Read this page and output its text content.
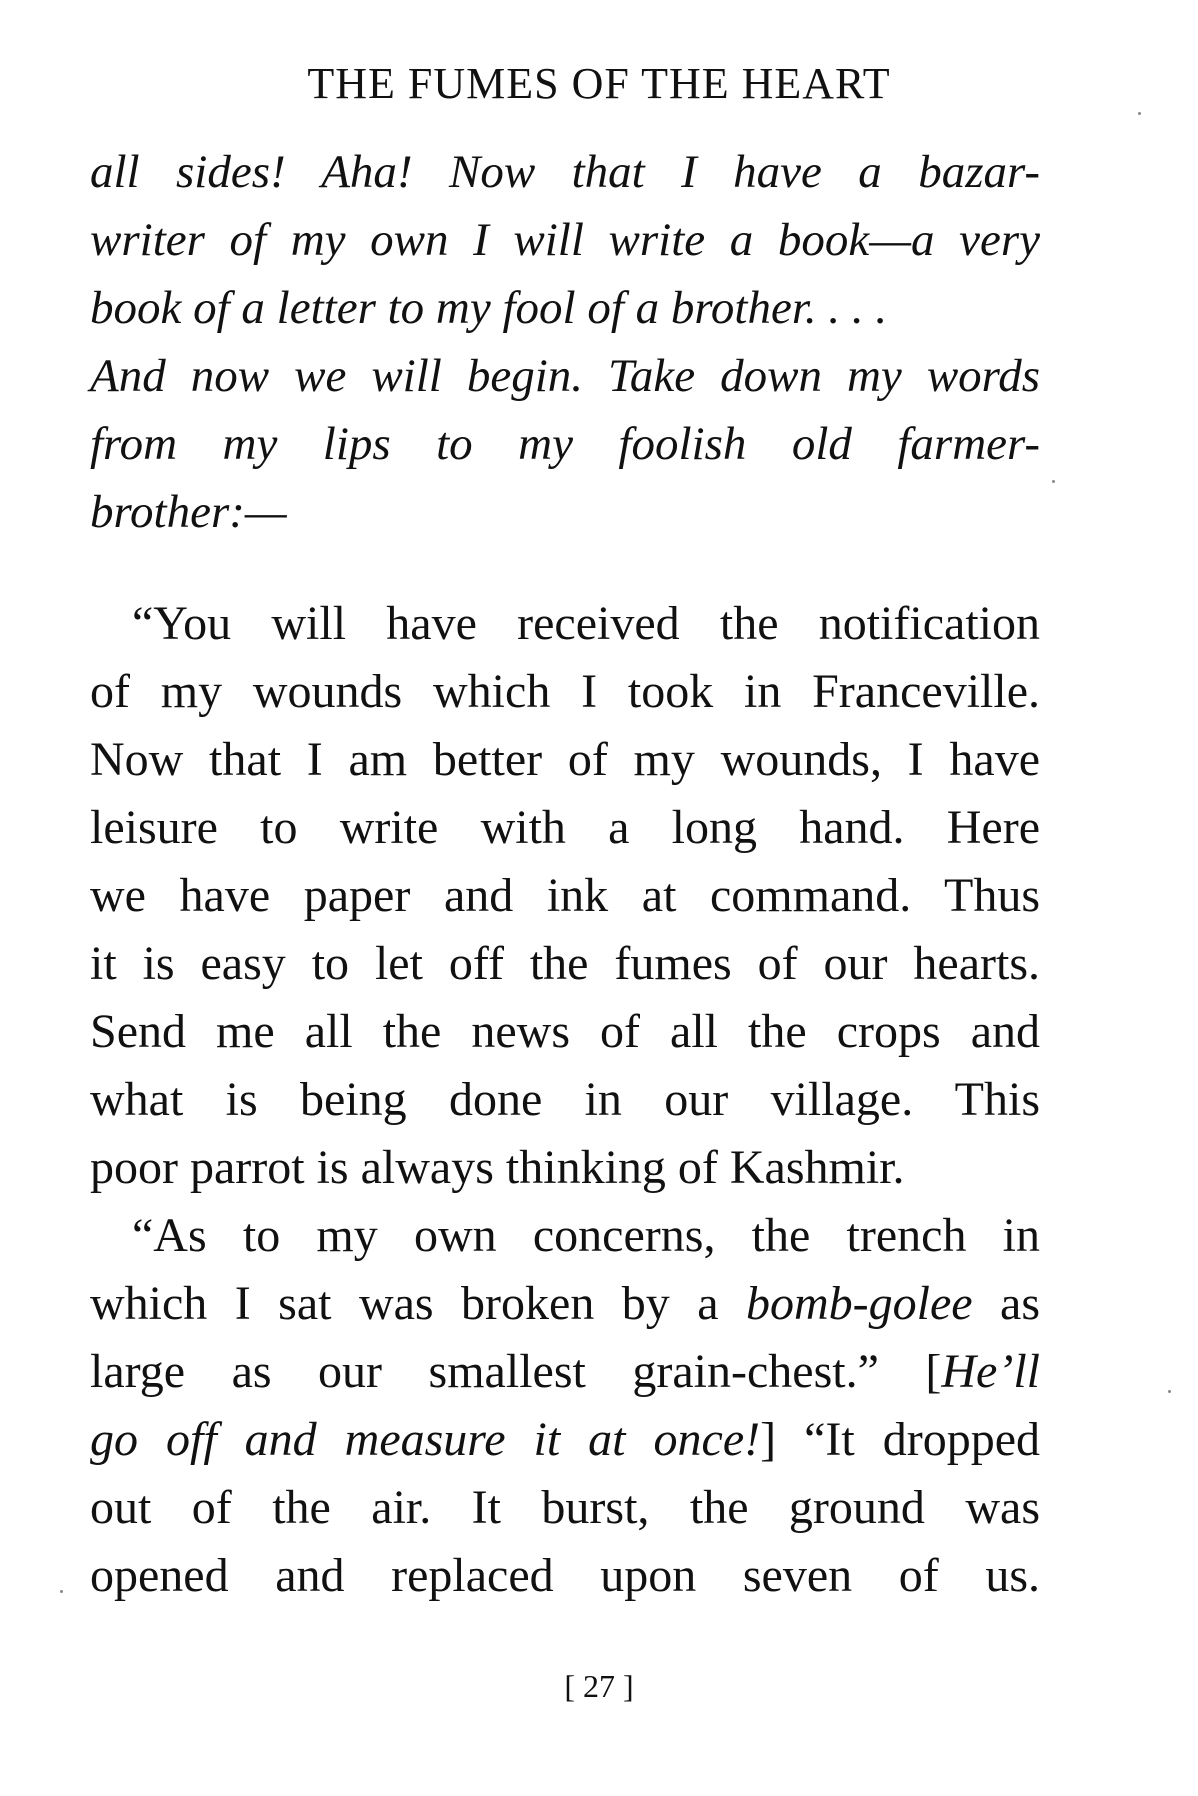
THE FUMES OF THE HEART
all sides! Aha! Now that I have a bazar-
writer of my own I will write a book—a very
book of a letter to my fool of a brother. . . .
And now we will begin. Take down my words
from my lips to my foolish old farmer-
brother:—
“You will have received the notification
of my wounds which I took in Franceville.
Now that I am better of my wounds, I have
leisure to write with a long hand. Here
we have paper and ink at command. Thus
it is easy to let off the fumes of our hearts.
Send me all the news of all the crops and
what is being done in our village. This
poor parrot is always thinking of Kashmir.
“As to my own concerns, the trench in
which I sat was broken by a bomb-golee as
large as our smallest grain-chest.” [He’ll
go off and measure it at once!] “It dropped
out of the air. It burst, the ground was
opened and replaced upon seven of us.
[ 27 ]
